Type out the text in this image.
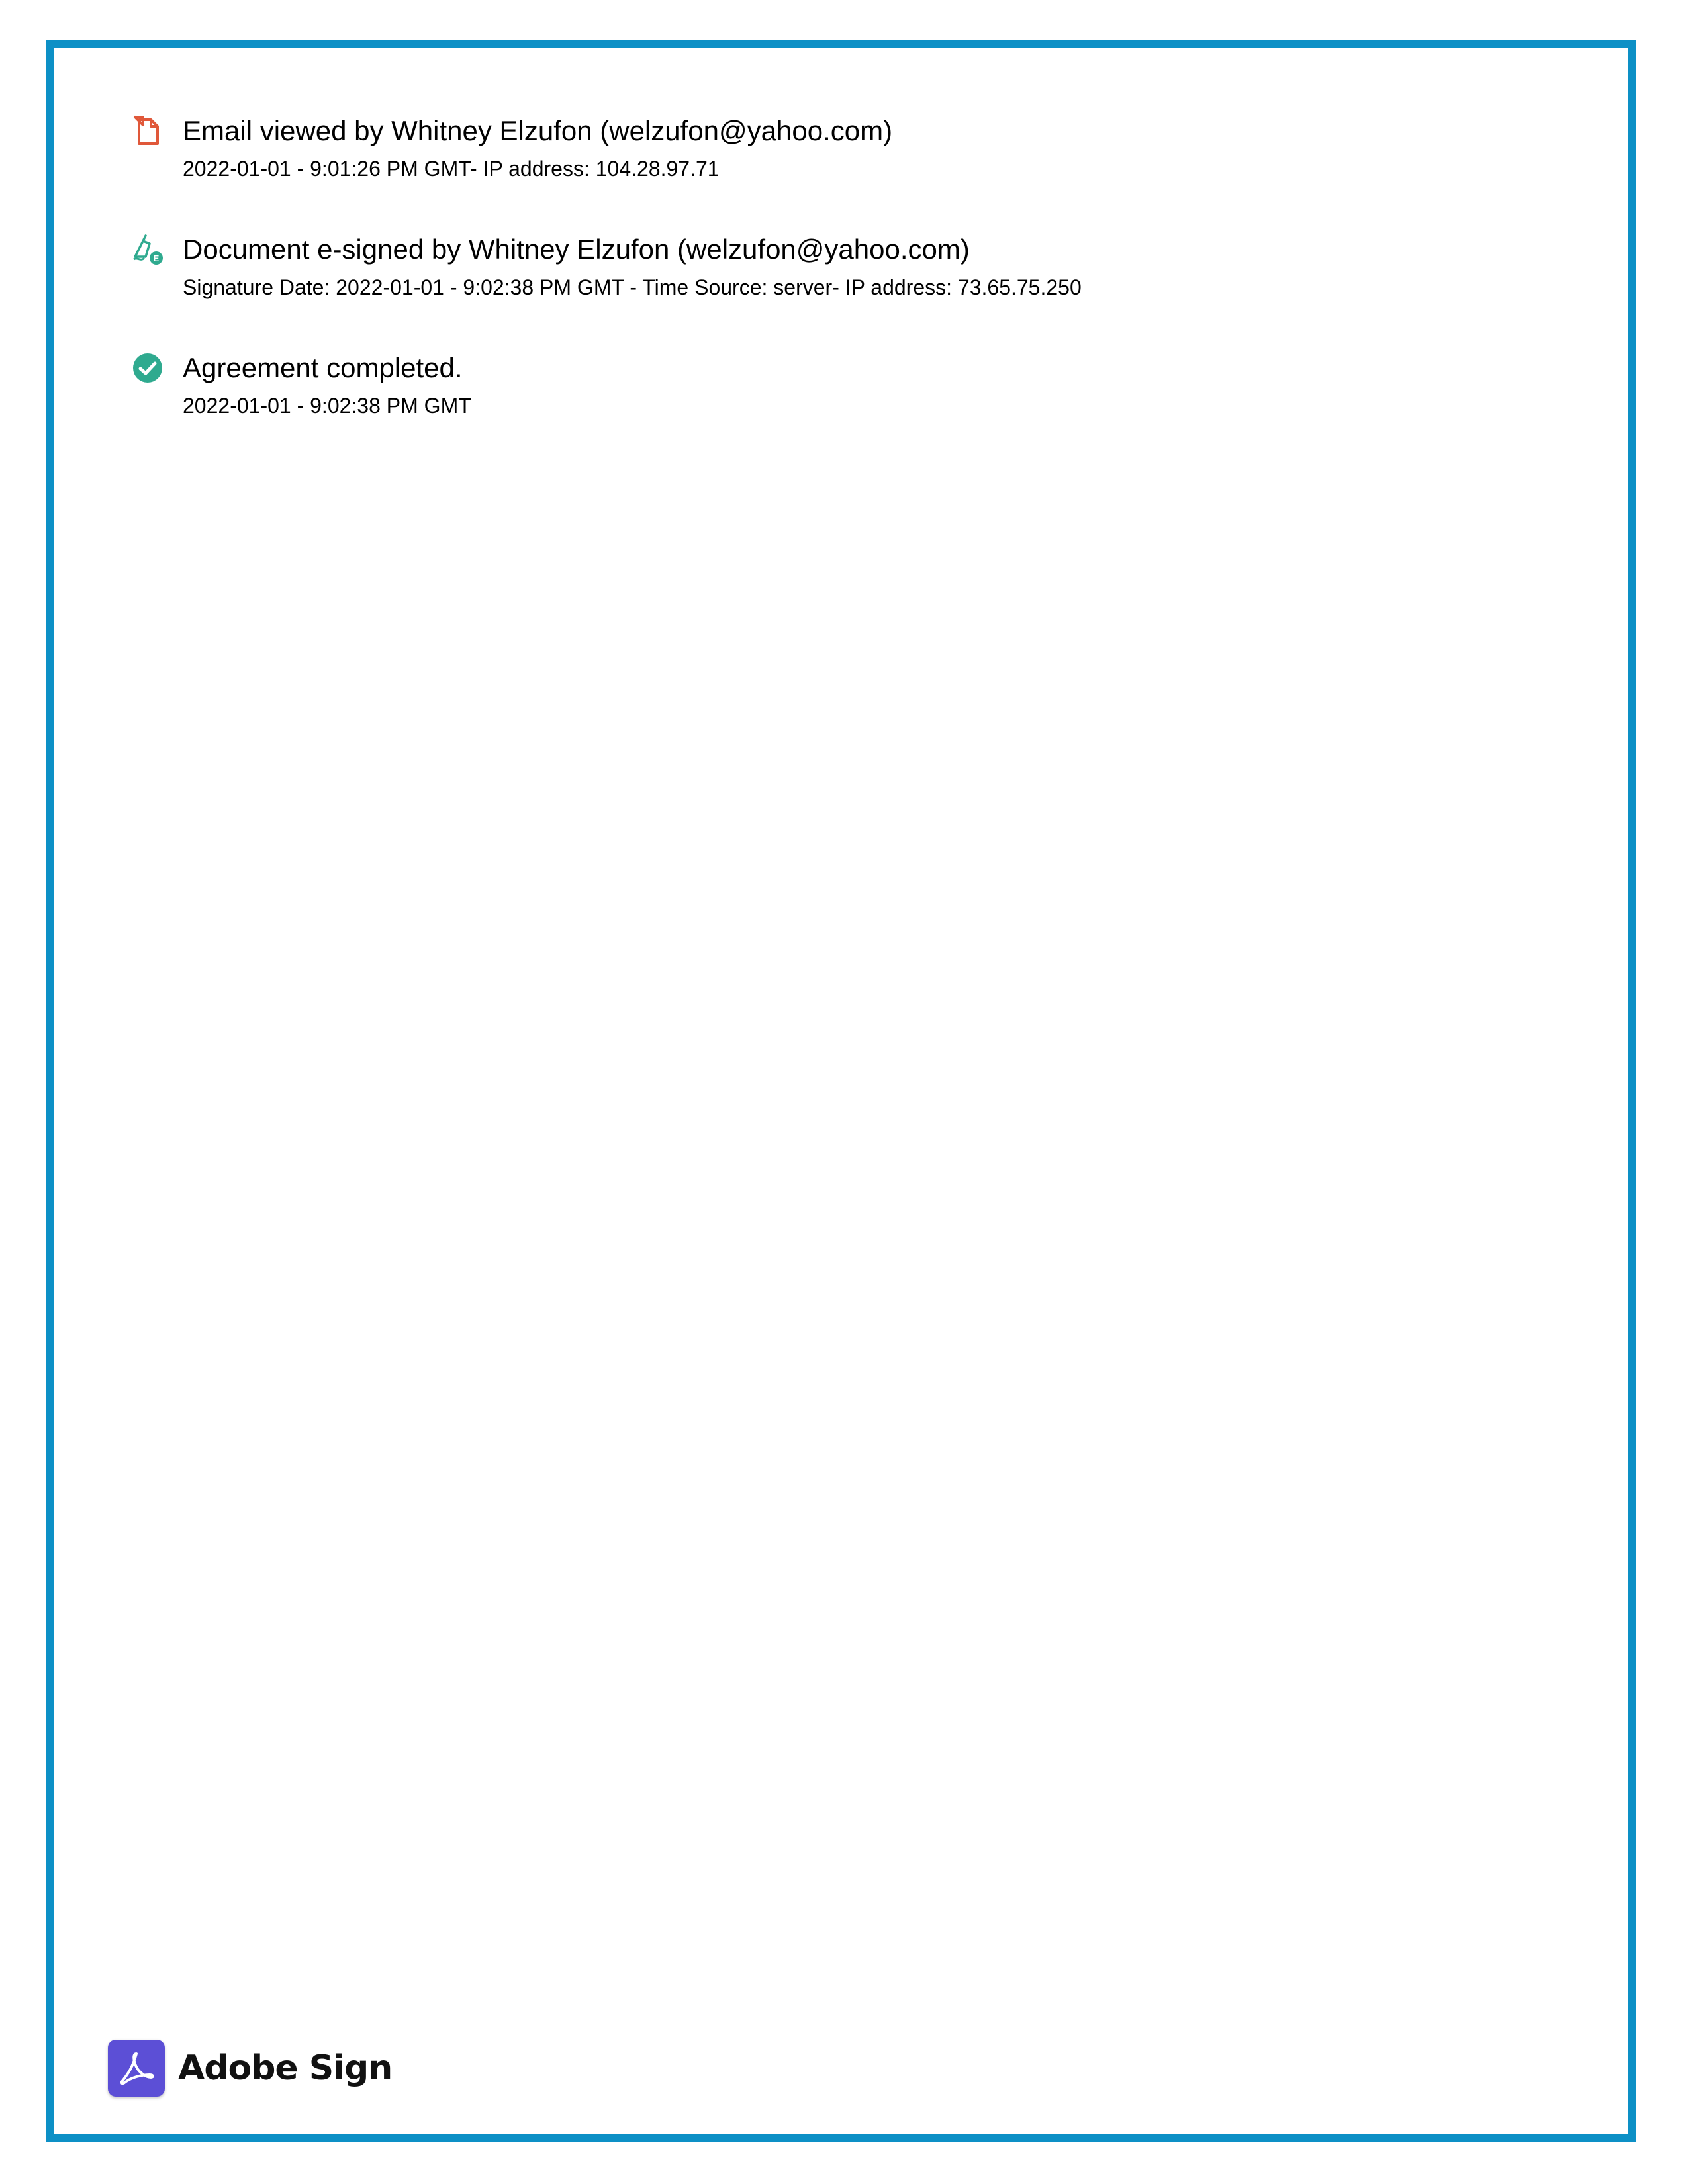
Email viewed by Whitney Elzufon (welzufon@yahoo.com)
2022-01-01 - 9:01:26 PM GMT- IP address: 104.28.97.71
E Document e-signed by Whitney Elzufon (welzufon@yahoo.com)
Signature Date: 2022-01-01 - 9:02:38 PM GMT - Time Source: server- IP address: 73.65.75.250
Agreement completed.
2022-01-01 - 9:02:38 PM GMT
Adobe Sign
